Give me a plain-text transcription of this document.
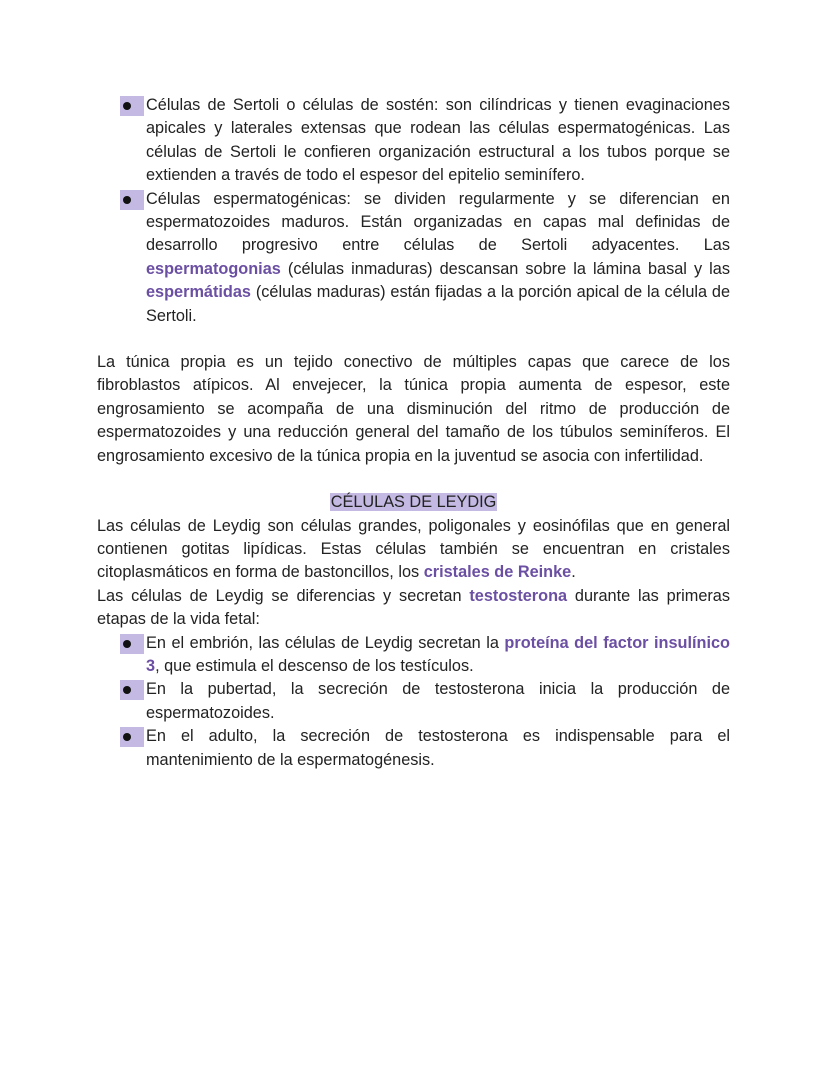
Células de Sertoli o células de sostén: son cilíndricas y tienen evaginaciones apicales y laterales extensas que rodean las células espermatogénicas. Las células de Sertoli le confieren organización estructural a los tubos porque se extienden a través de todo el espesor del epitelio seminífero.
Células espermatogénicas: se dividen regularmente y se diferencian en espermatozoides maduros. Están organizadas en capas mal definidas de desarrollo progresivo entre células de Sertoli adyacentes. Las espermatogonias (células inmaduras) descansan sobre la lámina basal y las espermátidas (células maduras) están fijadas a la porción apical de la célula de Sertoli.

La túnica propia es un tejido conectivo de múltiples capas que carece de los fibroblastos atípicos. Al envejecer, la túnica propia aumenta de espesor, este engrosamiento se acompaña de una disminución del ritmo de producción de espermatozoides y una reducción general del tamaño de los túbulos seminíferos. El engrosamiento excesivo de la túnica propia en la juventud se asocia con infertilidad.

CÉLULAS DE LEYDIG

Las células de Leydig son células grandes, poligonales y eosinófilas que en general contienen gotitas lipídicas. Estas células también se encuentran en cristales citoplasmáticos en forma de bastoncillos, los cristales de Reinke.

Las células de Leydig se diferencias y secretan testosterona durante las primeras etapas de la vida fetal:

En el embrión, las células de Leydig secretan la proteína del factor insulínico 3, que estimula el descenso de los testículos.
En la pubertad, la secreción de testosterona inicia la producción de espermatozoides.
En el adulto, la secreción de testosterona es indispensable para el mantenimiento de la espermatogénesis.
